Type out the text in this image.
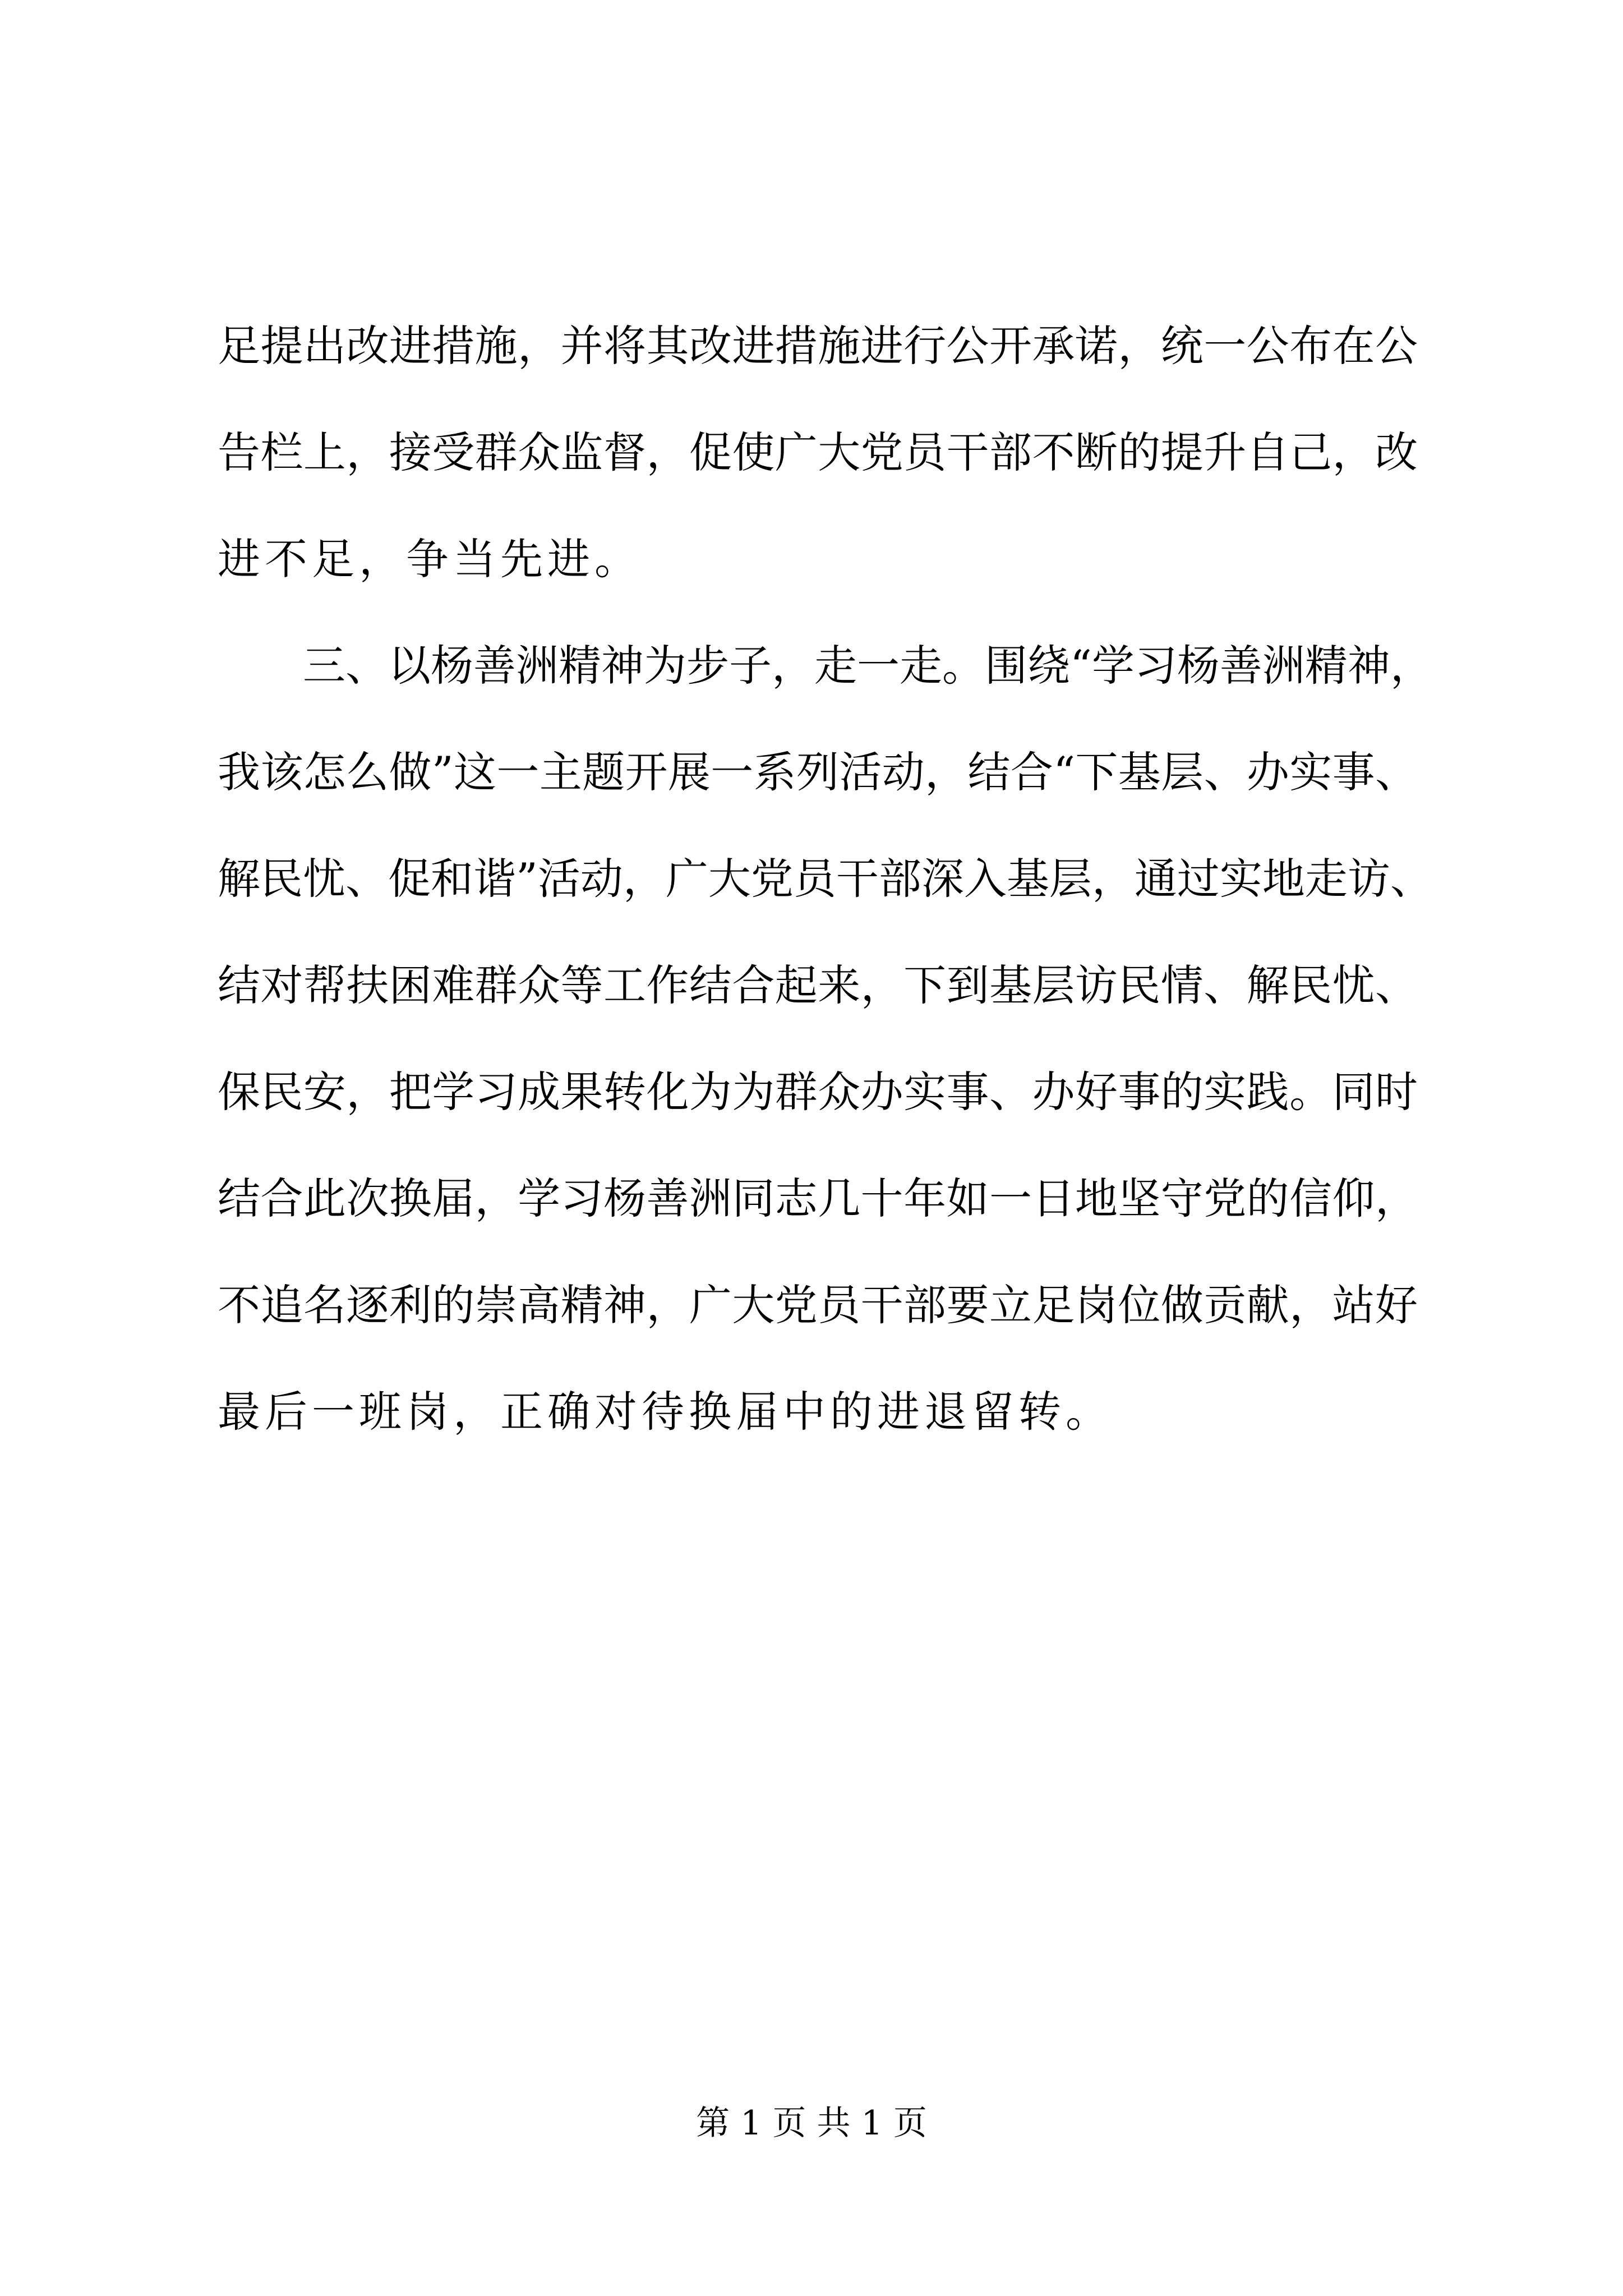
足提出改进措施，并将其改进措施进行公开承诺，统一公布在公
告栏上，接受群众监督，促使广大党员干部不断的提升自己，改
进不足，争当先进。
　　三、以杨善洲精神为步子，走一走。围绕“学习杨善洲精神，
我该怎么做”这一主题开展一系列活动，结合“下基层、办实事、
解民忧、促和谐”活动，广大党员干部深入基层，通过实地走访、
结对帮扶困难群众等工作结合起来，下到基层访民情、解民忧、
保民安，把学习成果转化为为群众办实事、办好事的实践。同时
结合此次换届，学习杨善洲同志几十年如一日地坚守党的信仰，
不追名逐利的崇高精神，广大党员干部要立足岗位做贡献，站好
最后一班岗，正确对待换届中的进退留转。
第 1 页 共 1 页
